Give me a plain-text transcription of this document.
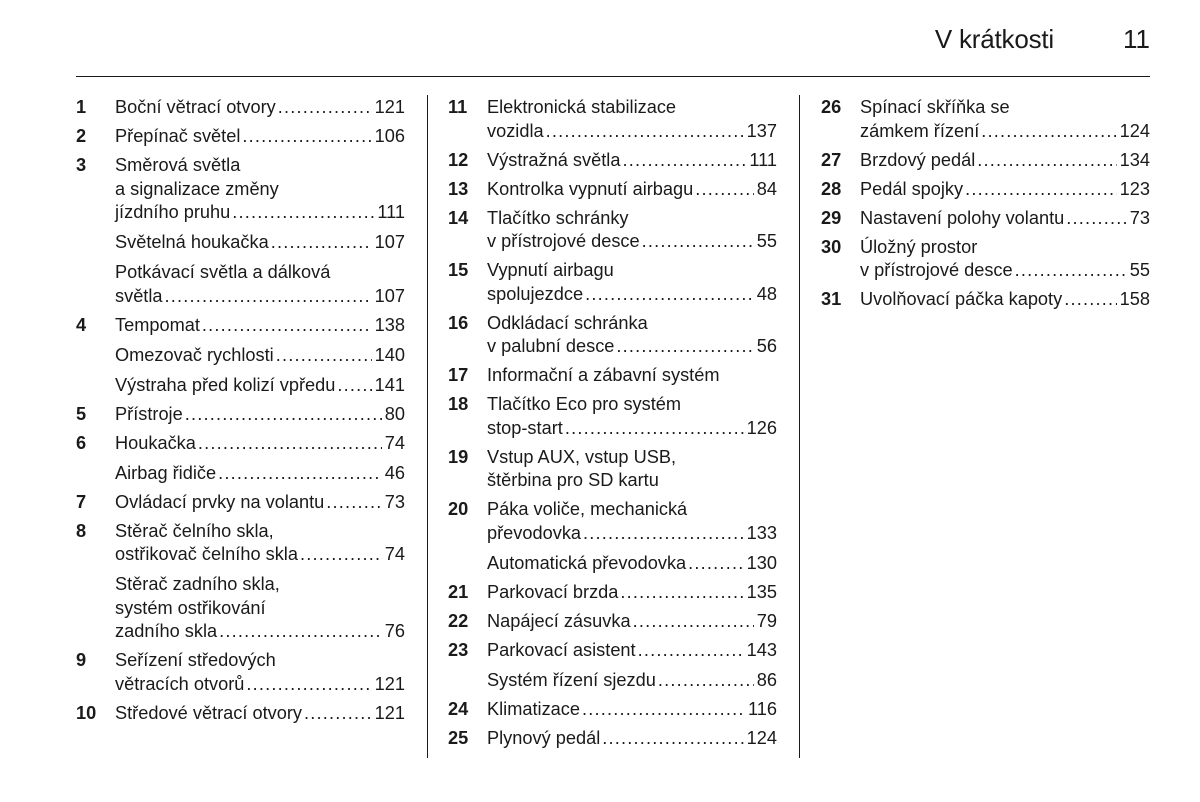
V krátkosti	11
1 Boční větrací otvory .....	121
2 Přepínač světel .....	106
3 Směrová světla
a signalizace změny
jízdního pruhu .....	111
Světelná houkačka .....	107
Potkávací světla a dálková
světla .....	107
4 Tempomat .....	138
Omezovač rychlosti .....	140
Výstraha před kolizí vpředu ..... 141
5 Přístroje .....	80
6 Houkačka .....	74
Airbag řidiče .....	46
7 Ovládací prvky na volantu .....	73
8 Stěrač čelního skla,
ostřikovač čelního skla .....	74
Stěrač zadního skla,
systém ostřikování
zadního skla .....	76
9 Seřízení středových
větracích otvorů .....	121
10 Středové větrací otvory .....	121
11 Elektronická stabilizace
vozidla .....	137
12 Výstražná světla .....	111
13 Kontrolka vypnutí airbagu .....	84
14 Tlačítko schránky
v přístrojové desce .....	55
15 Vypnutí airbagu
spolujezdce .....	48
16 Odkládací schránka
v palubní desce .....	56
17 Informační a zábavní systém
18 Tlačítko Eco pro systém
stop-start .....	126
19 Vstup AUX, vstup USB,
štěrbina pro SD kartu
20 Páka voliče, mechanická
převodovka .....	133
Automatická převodovka .....	130
21 Parkovací brzda .....	135
22 Napájecí zásuvka .....	79
23 Parkovací asistent .....	143
Systém řízení sjezdu .....	86
24 Klimatizace .....	116
25 Plynový pedál .....	124
26 Spínací skříňka se
zámkem řízení .....	124
27 Brzdový pedál .....	134
28 Pedál spojky .....	123
29 Nastavení polohy volantu .....	73
30 Úložný prostor
v přístrojové desce .....	55
31 Uvolňovací páčka kapoty .....	158
